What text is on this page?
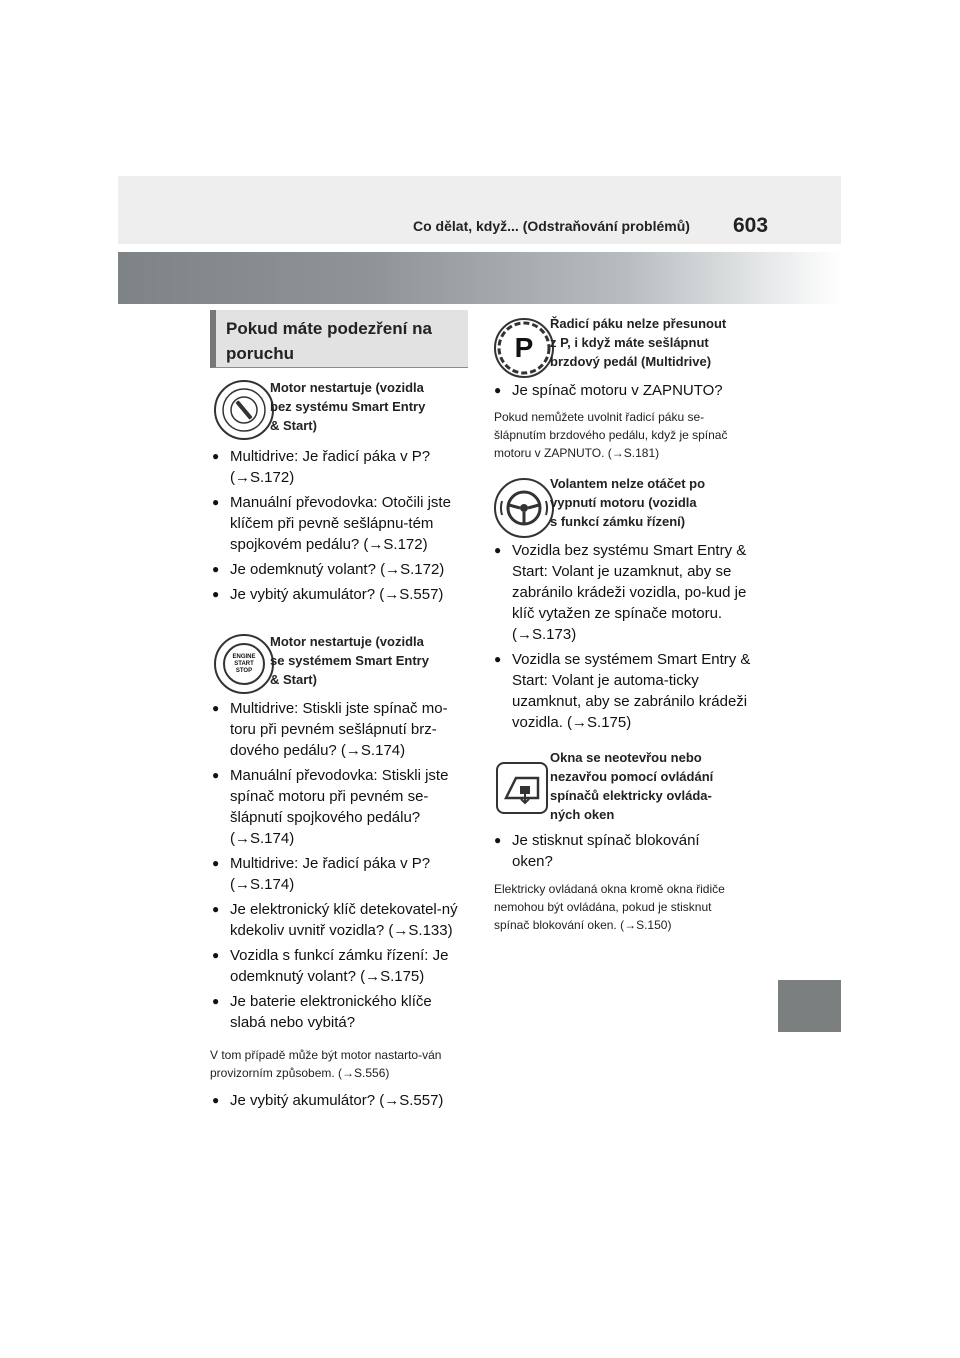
Co dělat, když... (Odstraňování problémů) 603
Pokud máte podezření na poruchu
Motor nestartuje (vozidla
bez systému Smart Entry
& Start)
● Multidrive: Je řadicí páka v P? (→S.172)
● Manuální převodovka: Otočili jste klíčem při pevně sešlápnu-tém spojkovém pedálu? (→S.172)
● Je odemknutý volant? (→S.172)
● Je vybitý akumulátor? (→S.557)
ENGINE
START
STOP
Motor nestartuje (vozidla
se systémem Smart Entry
& Start)
● Multidrive: Stiskli jste spínač mo-toru při pevném sešlápnutí brz-dového pedálu? (→S.174)
● Manuální převodovka: Stiskli jste spínač motoru při pevném se-šlápnutí spojkového pedálu? (→S.174)
● Multidrive: Je řadicí páka v P? (→S.174)
● Je elektronický klíč detekovatel-ný kdekoliv uvnitř vozidla? (→S.133)
● Vozidla s funkcí zámku řízení: Je odemknutý volant? (→S.175)
● Je baterie elektronického klíče slabá nebo vybitá?
V tom případě může být motor nastarto-ván provizorním způsobem. (→S.556)
● Je vybitý akumulátor? (→S.557)
P
Řadicí páku nelze přesunout
z P, i když máte sešlápnut
brzdový pedál (Multidrive)
● Je spínač motoru v ZAPNUTO?
Pokud nemůžete uvolnit řadicí páku se-šlápnutím brzdového pedálu, když je spínač motoru v ZAPNUTO. (→S.181)
Volantem nelze otáčet po
vypnutí motoru (vozidla
s funkcí zámku řízení)
● Vozidla bez systému Smart Entry & Start: Volant je uzamknut, aby se zabránilo krádeži vozidla, po-kud je klíč vytažen ze spínače motoru. (→S.173)
● Vozidla se systémem Smart Entry & Start: Volant je automa-ticky uzamknut, aby se zabránilo krádeži vozidla. (→S.175)
Okna se neotevřou nebo
nezavřou pomocí ovládání
spínačů elektricky ovláda-
ných oken
● Je stisknut spínač blokování oken?
Elektricky ovládaná okna kromě okna řidiče nemohou být ovládána, pokud je stisknut spínač blokování oken. (→S.150)
